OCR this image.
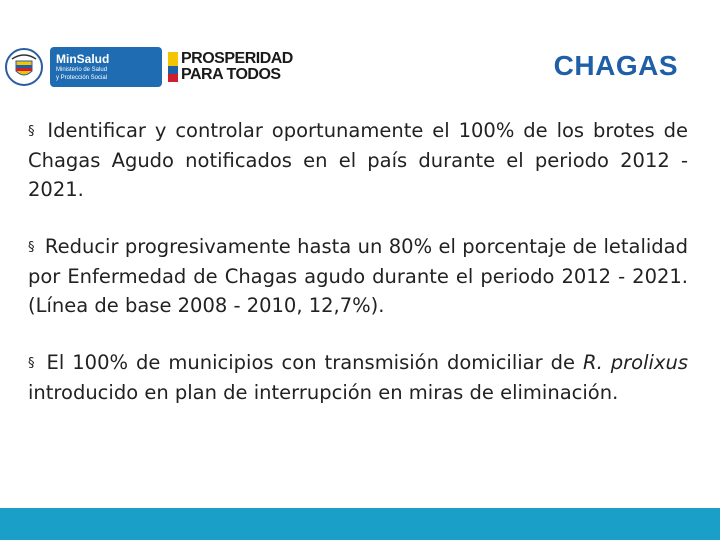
MinSalud
Ministerio de Salud
y Protección Social
PROSPERIDAD
PARA TODOS	CHAGAS

§ Identificar y controlar oportunamente el 100% de los brotes de Chagas Agudo notificados en el país durante el periodo 2012 - 2021.

§ Reducir progresivamente hasta un 80% el porcentaje de letalidad por Enfermedad de Chagas agudo durante el periodo 2012 - 2021. (Línea de base 2008 - 2010, 12,7%).

§ El 100% de municipios con transmisión domiciliar de R. prolixus introducido en plan de interrupción en miras de eliminación.
